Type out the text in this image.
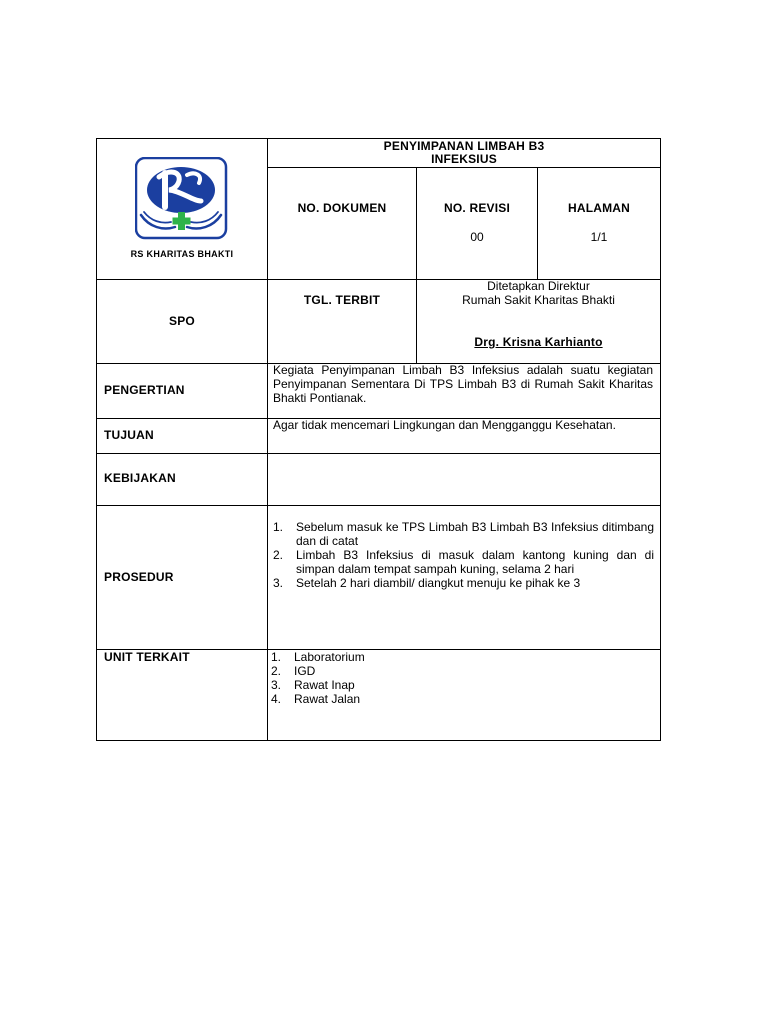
RS KHARITAS BHAKTI
PENYIMPANAN LIMBAH B3
INFEKSIUS
NO. DOKUMEN	NO. REVISI
00
HALAMAN
1/1
SPO
TGL. TERBIT
Ditetapkan Direktur
Rumah Sakit Kharitas Bhakti
Drg. Krisna Karhianto
PENGERTIAN
Kegiata Penyimpanan Limbah B3 Infeksius adalah suatu kegiatan Penyimpanan Sementara Di TPS Limbah B3 di Rumah Sakit Kharitas Bhakti Pontianak.
TUJUAN
Agar tidak mencemari Lingkungan dan Mengganggu Kesehatan.
KEBIJAKAN
PROSEDUR
1. Sebelum masuk ke TPS Limbah B3 Limbah B3 Infeksius ditimbang dan di catat
2. Limbah B3 Infeksius di masuk dalam kantong kuning dan di simpan dalam tempat sampah kuning, selama 2 hari
3. Setelah 2 hari diambil/ diangkut menuju ke pihak ke 3
UNIT TERKAIT	1. Laboratorium
2. IGD
3. Rawat Inap
4. Rawat Jalan
